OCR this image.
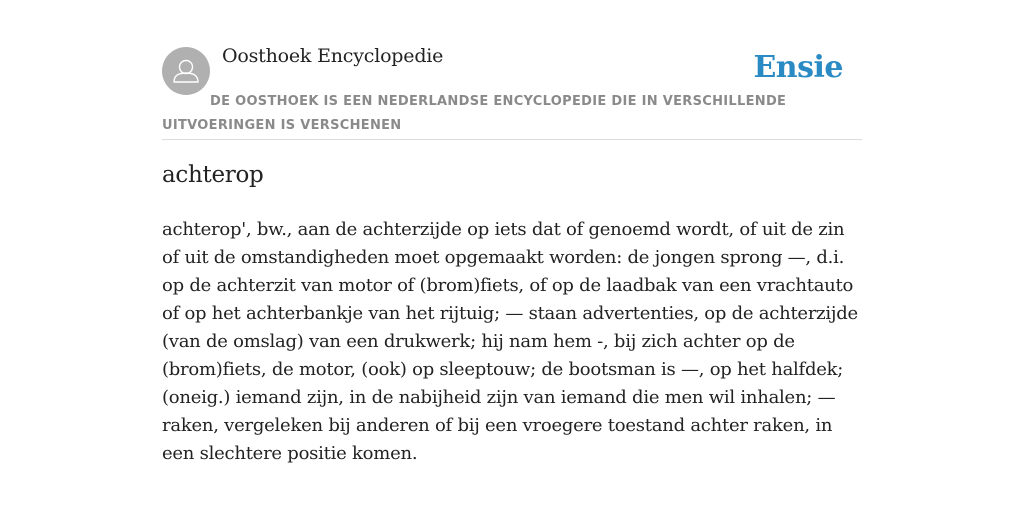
Oosthoek Encyclopedie	Ensie

DE OOSTHOEK IS EEN NEDERLANDSE ENCYCLOPEDIE DIE IN VERSCHILLENDE UITVOERINGEN IS VERSCHENEN

achterop

achterop', bw., aan de achterzijde op iets dat of genoemd wordt, of uit de zin of uit de omstandigheden moet opgemaakt worden: de jongen sprong —, d.i. op de achterzit van motor of (brom)fiets, of op de laadbak van een vrachtauto of op het achterbankje van het rijtuig; — staan advertenties, op de achterzijde (van de omslag) van een drukwerk; hij nam hem -, bij zich achter op de (brom)fiets, de motor, (ook) op sleeptouw; de bootsman is —, op het halfdek; (oneig.) iemand zijn, in de nabijheid zijn van iemand die men wil inhalen; — raken, vergeleken bij anderen of bij een vroegere toestand achter raken, in een slechtere positie komen.
